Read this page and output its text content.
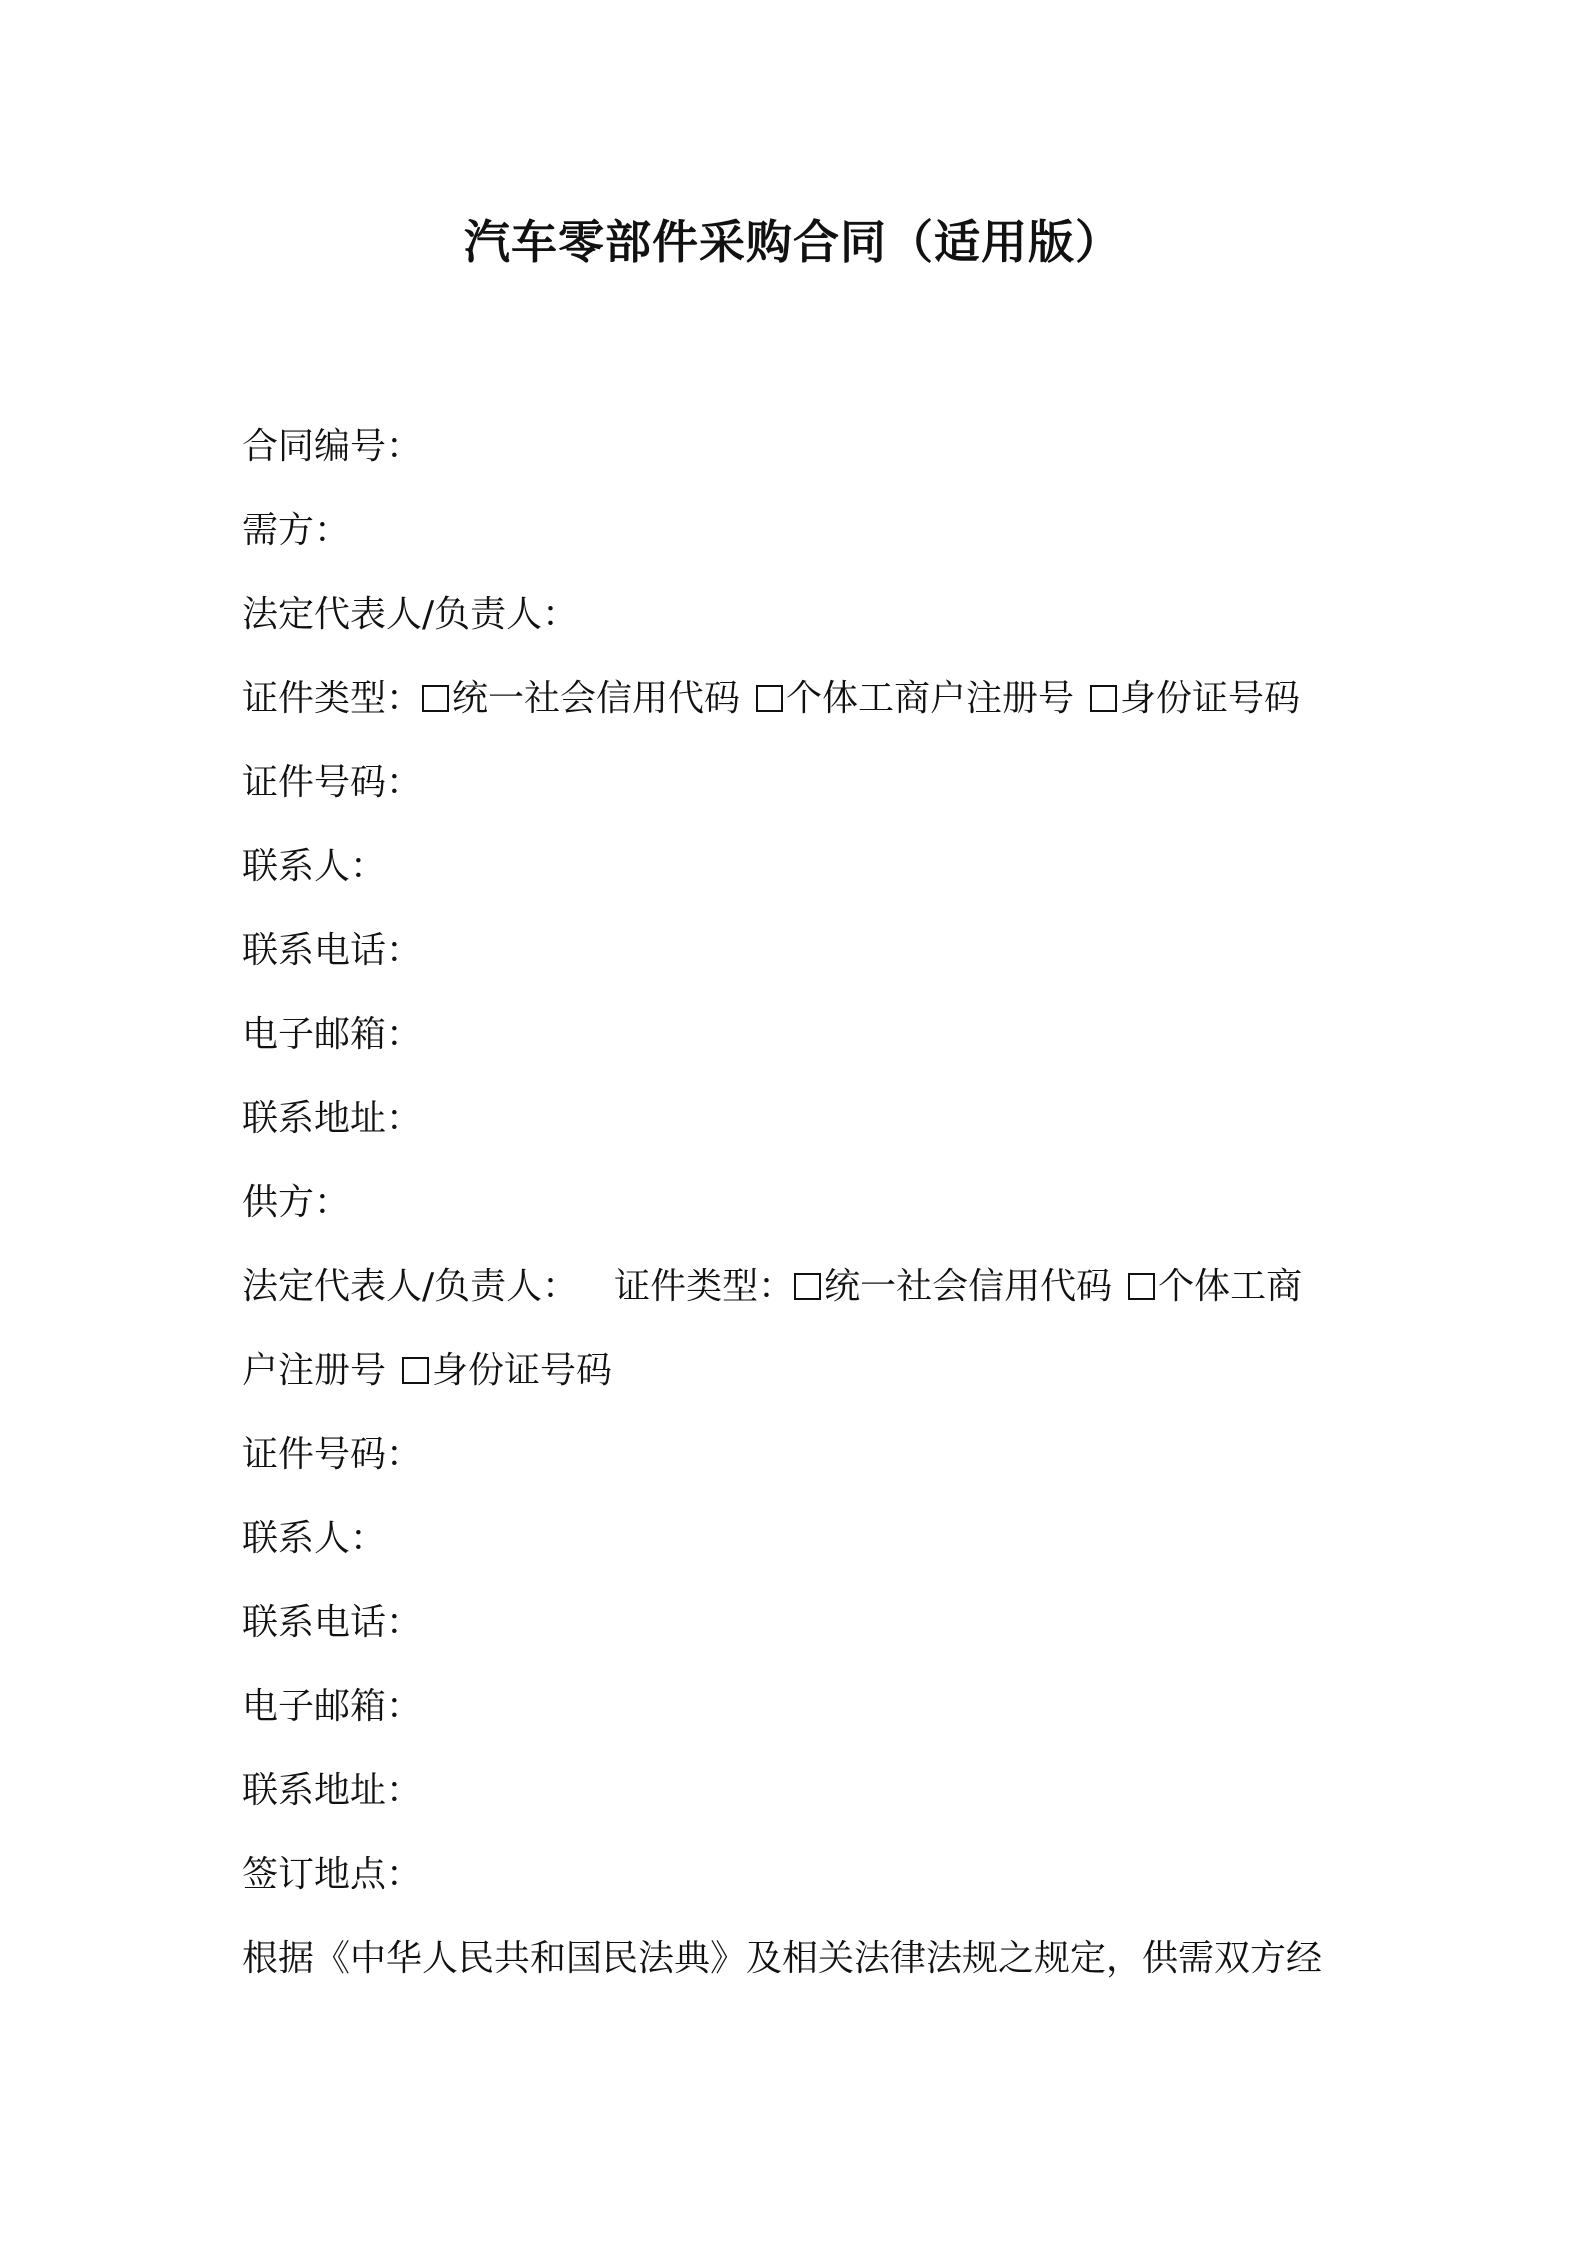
汽车零部件采购合同（适用版）
合同编号：
需方：
法定代表人/负责人：
证件类型： 统一社会信用代码 个体工商户注册号 身份证号码
证件号码：
联系人：
联系电话：
电子邮箱：
联系地址：
供方：
法定代表人/负责人： 证件类型： 统一社会信用代码 个体工商
户注册号 身份证号码
证件号码：
联系人：
联系电话：
电子邮箱：
联系地址：
签订地点：
根据《中华人民共和国民法典》及相关法律法规之规定，供需双方经
